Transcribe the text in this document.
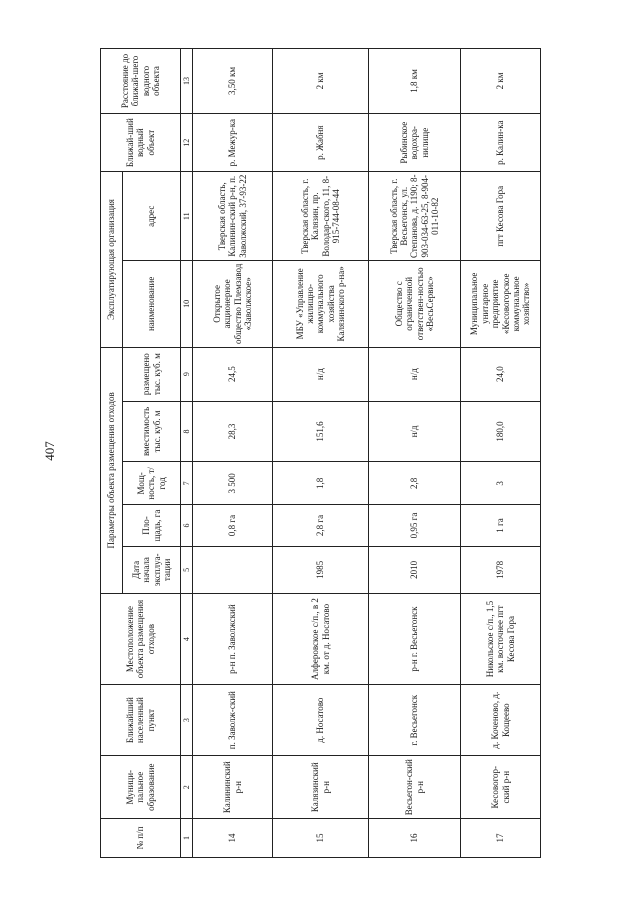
407
№ п/п	Муници-пальное образование	Ближайший населенный пункт	Местоположение объекта размещения отходов	Параметры объекта размещения отходов					Эксплуатирующая организация		Ближай-ший водный объект	Расстояние до ближай-шего водного объекта
				Дата начала эксплуа-тации	Пло-щадь, га	Мощ-ность, т/год	вместимость тыс. куб. м	размещено тыс. куб. м	наименование	адрес		
1	2	3	4	5	6	7	8	9	10	11	12	13
14	Калининский р-н	п. Заволж-ский	р-н п. Заволжский		0,8 га	3 500	28,3	24,5	Открытое акционерное общество Племзавод «Заволжское»	Тверская область, Калинин-ский р-н, п. Заволжский, 37-93-22	р. Межур-ка	3,50 км
15	Калязинский р-н	д. Носатово	Алферовское с/п., в 2 км. от д. Носатово	1985	2,8 га	1,8	151,6	н/д	МБУ «Управление жилищно-коммунального хозяйства Калязинского р-на»	Тверская область, г. Калязин, пр. Володар-ского, 11, 8-915-744-08-44	р. Жабня	2 км
16	Весьегон-ский р-н	г. Весьегонск	р-н г. Весьегонск	2010	0,95 га	2,8	н/д	н/д	Общество с ограниченной ответствен-ностью «ВесьСервис»	Тверская область, г. Весьегонск, ул. Степанова, д. 1190; 8-903-034-63-25, 8-904-011-10-82	Рыбинское водохра-нилище	1,8 км
17	Кесовогор-ский р-н	д. Коченово, д. Кощеево	Никольское с/п., 1,5 км. восточнее пгт Кесова Гора	1978	1 га	3	180,0	24,0	Муниципальное унитарное предприятие «Кесовогорское коммунальное хозяйство»	пгт Кесова Гора	р. Калин-ка	2 км
